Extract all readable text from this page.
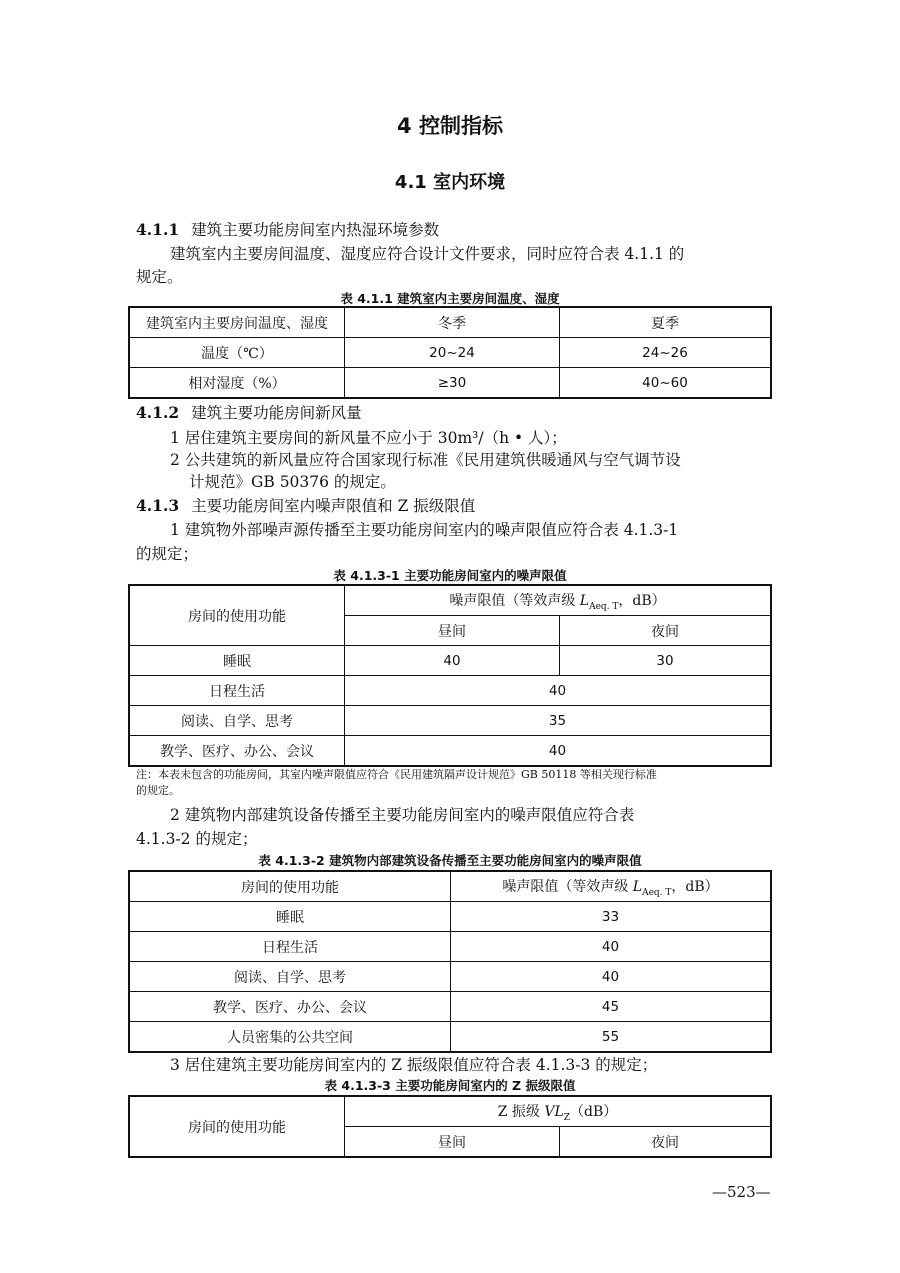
4 控制指标
4.1 室内环境
4.1.1 建筑主要功能房间室内热湿环境参数
建筑室内主要房间温度、湿度应符合设计文件要求，同时应符合表 4.1.1 的
规定。
表 4.1.1 建筑室内主要房间温度、湿度
建筑室内主要房间温度、湿度	冬季	夏季
温度（℃）	20~24	24~26
相对湿度（%）	≥30	40~60
4.1.2 建筑主要功能房间新风量
1 居住建筑主要房间的新风量不应小于 30m³/（h • 人）；
2 公共建筑的新风量应符合国家现行标准《民用建筑供暖通风与空气调节设
计规范》GB 50376 的规定。
4.1.3 主要功能房间室内噪声限值和 Z 振级限值
1 建筑物外部噪声源传播至主要功能房间室内的噪声限值应符合表 4.1.3-1
的规定；
表 4.1.3-1 主要功能房间室内的噪声限值
房间的使用功能	噪声限值（等效声级 $L_{Aeq. T}$，dB）	
	昼间	夜间
睡眠	40	30
日程生活	40	
阅读、自学、思考	35	
教学、医疗、办公、会议	40	
注：本表未包含的功能房间，其室内噪声限值应符合《民用建筑隔声设计规范》GB 50118 等相关现行标准
的规定。
2 建筑物内部建筑设备传播至主要功能房间室内的噪声限值应符合表
4.1.3-2 的规定；
表 4.1.3-2 建筑物内部建筑设备传播至主要功能房间室内的噪声限值
房间的使用功能	噪声限值（等效声级 $L_{Aeq. T}$，dB）
睡眠	33
日程生活	40
阅读、自学、思考	40
教学、医疗、办公、会议	45
人员密集的公共空间	55
3 居住建筑主要功能房间室内的 Z 振级限值应符合表 4.1.3-3 的规定；
表 4.1.3-3 主要功能房间室内的 Z 振级限值
房间的使用功能	Z 振级 $VL_Z(dB)$	
	昼间	夜间
—523—
